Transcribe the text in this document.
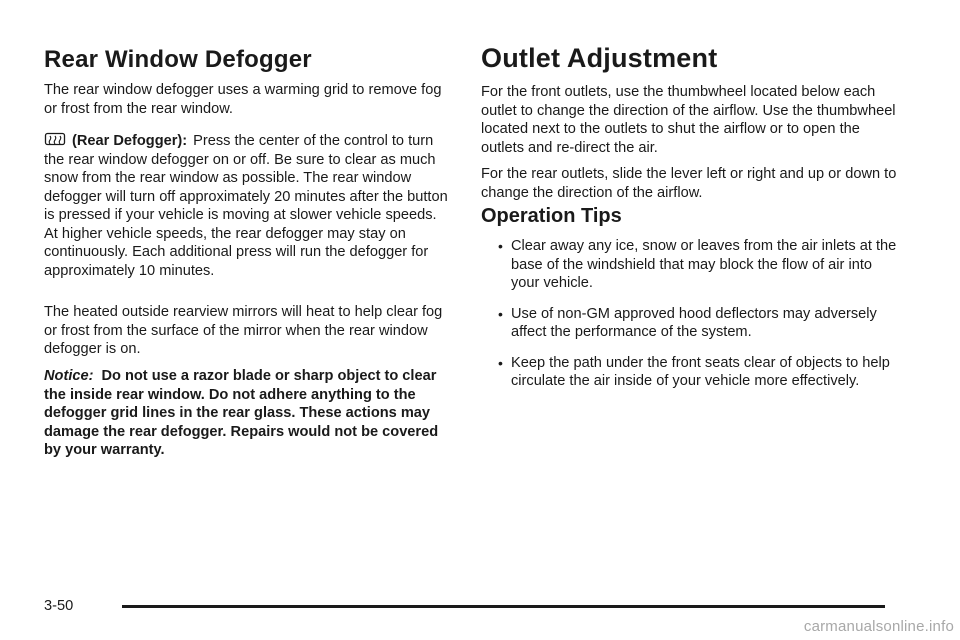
Rear Window Defogger

The rear window defogger uses a warming grid to remove fog or frost from the rear window.

(Rear Defogger): Press the center of the control to turn the rear window defogger on or off. Be sure to clear as much snow from the rear window as possible. The rear window defogger will turn off approximately 20 minutes after the button is pressed if your vehicle is moving at slower vehicle speeds. At higher vehicle speeds, the rear defogger may stay on continuously. Each additional press will run the defogger for approximately 10 minutes.

The heated outside rearview mirrors will heat to help clear fog or frost from the surface of the mirror when the rear window defogger is on.

Notice: Do not use a razor blade or sharp object to clear the inside rear window. Do not adhere anything to the defogger grid lines in the rear glass. These actions may damage the rear defogger. Repairs would not be covered by your warranty.

Outlet Adjustment

For the front outlets, use the thumbwheel located below each outlet to change the direction of the airflow. Use the thumbwheel located next to the outlets to shut the airflow or to open the outlets and re-direct the air.

For the rear outlets, slide the lever left or right and up or down to change the direction of the airflow.

Operation Tips
• Clear away any ice, snow or leaves from the air inlets at the base of the windshield that may block the flow of air into your vehicle.
• Use of non-GM approved hood deflectors may adversely affect the performance of the system.
• Keep the path under the front seats clear of objects to help circulate the air inside of your vehicle more effectively.
3-50
carmanualsonline.info
